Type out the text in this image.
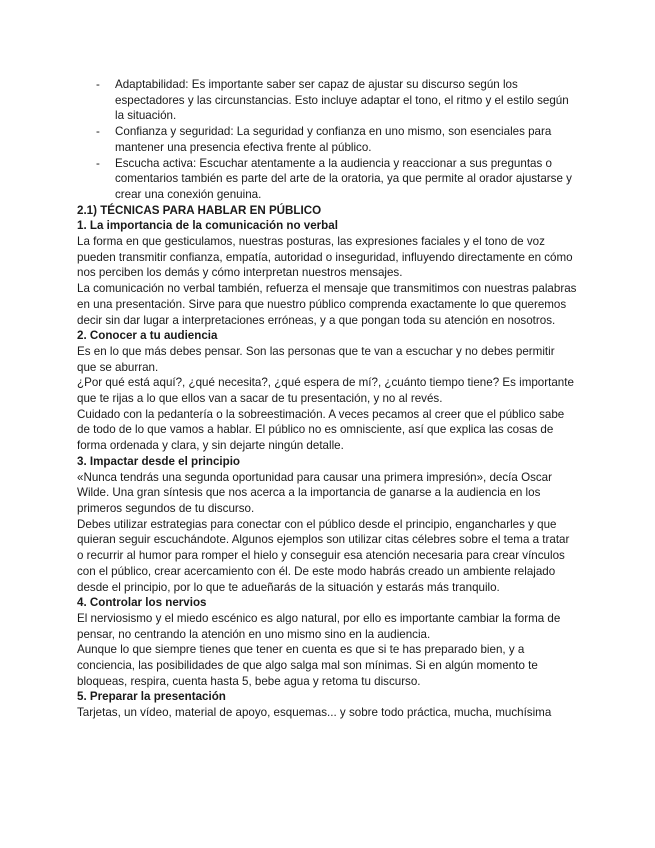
- Adaptabilidad: Es importante saber ser capaz de ajustar su discurso según los espectadores y las circunstancias. Esto incluye adaptar el tono, el ritmo y el estilo según la situación.
- Confianza y seguridad: La seguridad y confianza en uno mismo, son esenciales para mantener una presencia efectiva frente al público.
- Escucha activa: Escuchar atentamente a la audiencia y reaccionar a sus preguntas o comentarios también es parte del arte de la oratoria, ya que permite al orador ajustarse y crear una conexión genuina.

2.1) TÉCNICAS PARA HABLAR EN PÚBLICO

1. La importancia de la comunicación no verbal

La forma en que gesticulamos, nuestras posturas, las expresiones faciales y el tono de voz pueden transmitir confianza, empatía, autoridad o inseguridad, influyendo directamente en cómo nos perciben los demás y cómo interpretan nuestros mensajes.

La comunicación no verbal también, refuerza el mensaje que transmitimos con nuestras palabras en una presentación. Sirve para que nuestro público comprenda exactamente lo que queremos decir sin dar lugar a interpretaciones erróneas, y a que pongan toda su atención en nosotros.

2. Conocer a tu audiencia

Es en lo que más debes pensar. Son las personas que te van a escuchar y no debes permitir que se aburran.

¿Por qué está aquí?, ¿qué necesita?, ¿qué espera de mí?, ¿cuánto tiempo tiene? Es importante

que te rijas a lo que ellos van a sacar de tu presentación, y no al revés.

Cuidado con la pedantería o la sobreestimación. A veces pecamos al creer que el público sabe de todo de lo que vamos a hablar. El público no es omnisciente, así que explica las cosas de forma ordenada y clara, y sin dejarte ningún detalle.

3. Impactar desde el principio

«Nunca tendrás una segunda oportunidad para causar una primera impresión», decía Oscar Wilde. Una gran síntesis que nos acerca a la importancia de ganarse a la audiencia en los primeros segundos de tu discurso.

Debes utilizar estrategias para conectar con el público desde el principio, engancharles y que quieran seguir escuchándote. Algunos ejemplos son utilizar citas célebres sobre el tema a tratar o recurrir al humor para romper el hielo y conseguir esa atención necesaria para crear vínculos con el público, crear acercamiento con él. De este modo habrás creado un ambiente relajado desde el principio, por lo que te adueñarás de la situación y estarás más tranquilo.

4. Controlar los nervios

El nerviosismo y el miedo escénico es algo natural, por ello es importante cambiar la forma de pensar, no centrando la atención en uno mismo sino en la audiencia.

Aunque lo que siempre tienes que tener en cuenta es que si te has preparado bien, y a conciencia, las posibilidades de que algo salga mal son mínimas. Si en algún momento te bloqueas, respira, cuenta hasta 5, bebe agua y retoma tu discurso.

5. Preparar la presentación

Tarjetas, un vídeo, material de apoyo, esquemas... y sobre todo práctica, mucha, muchísima
